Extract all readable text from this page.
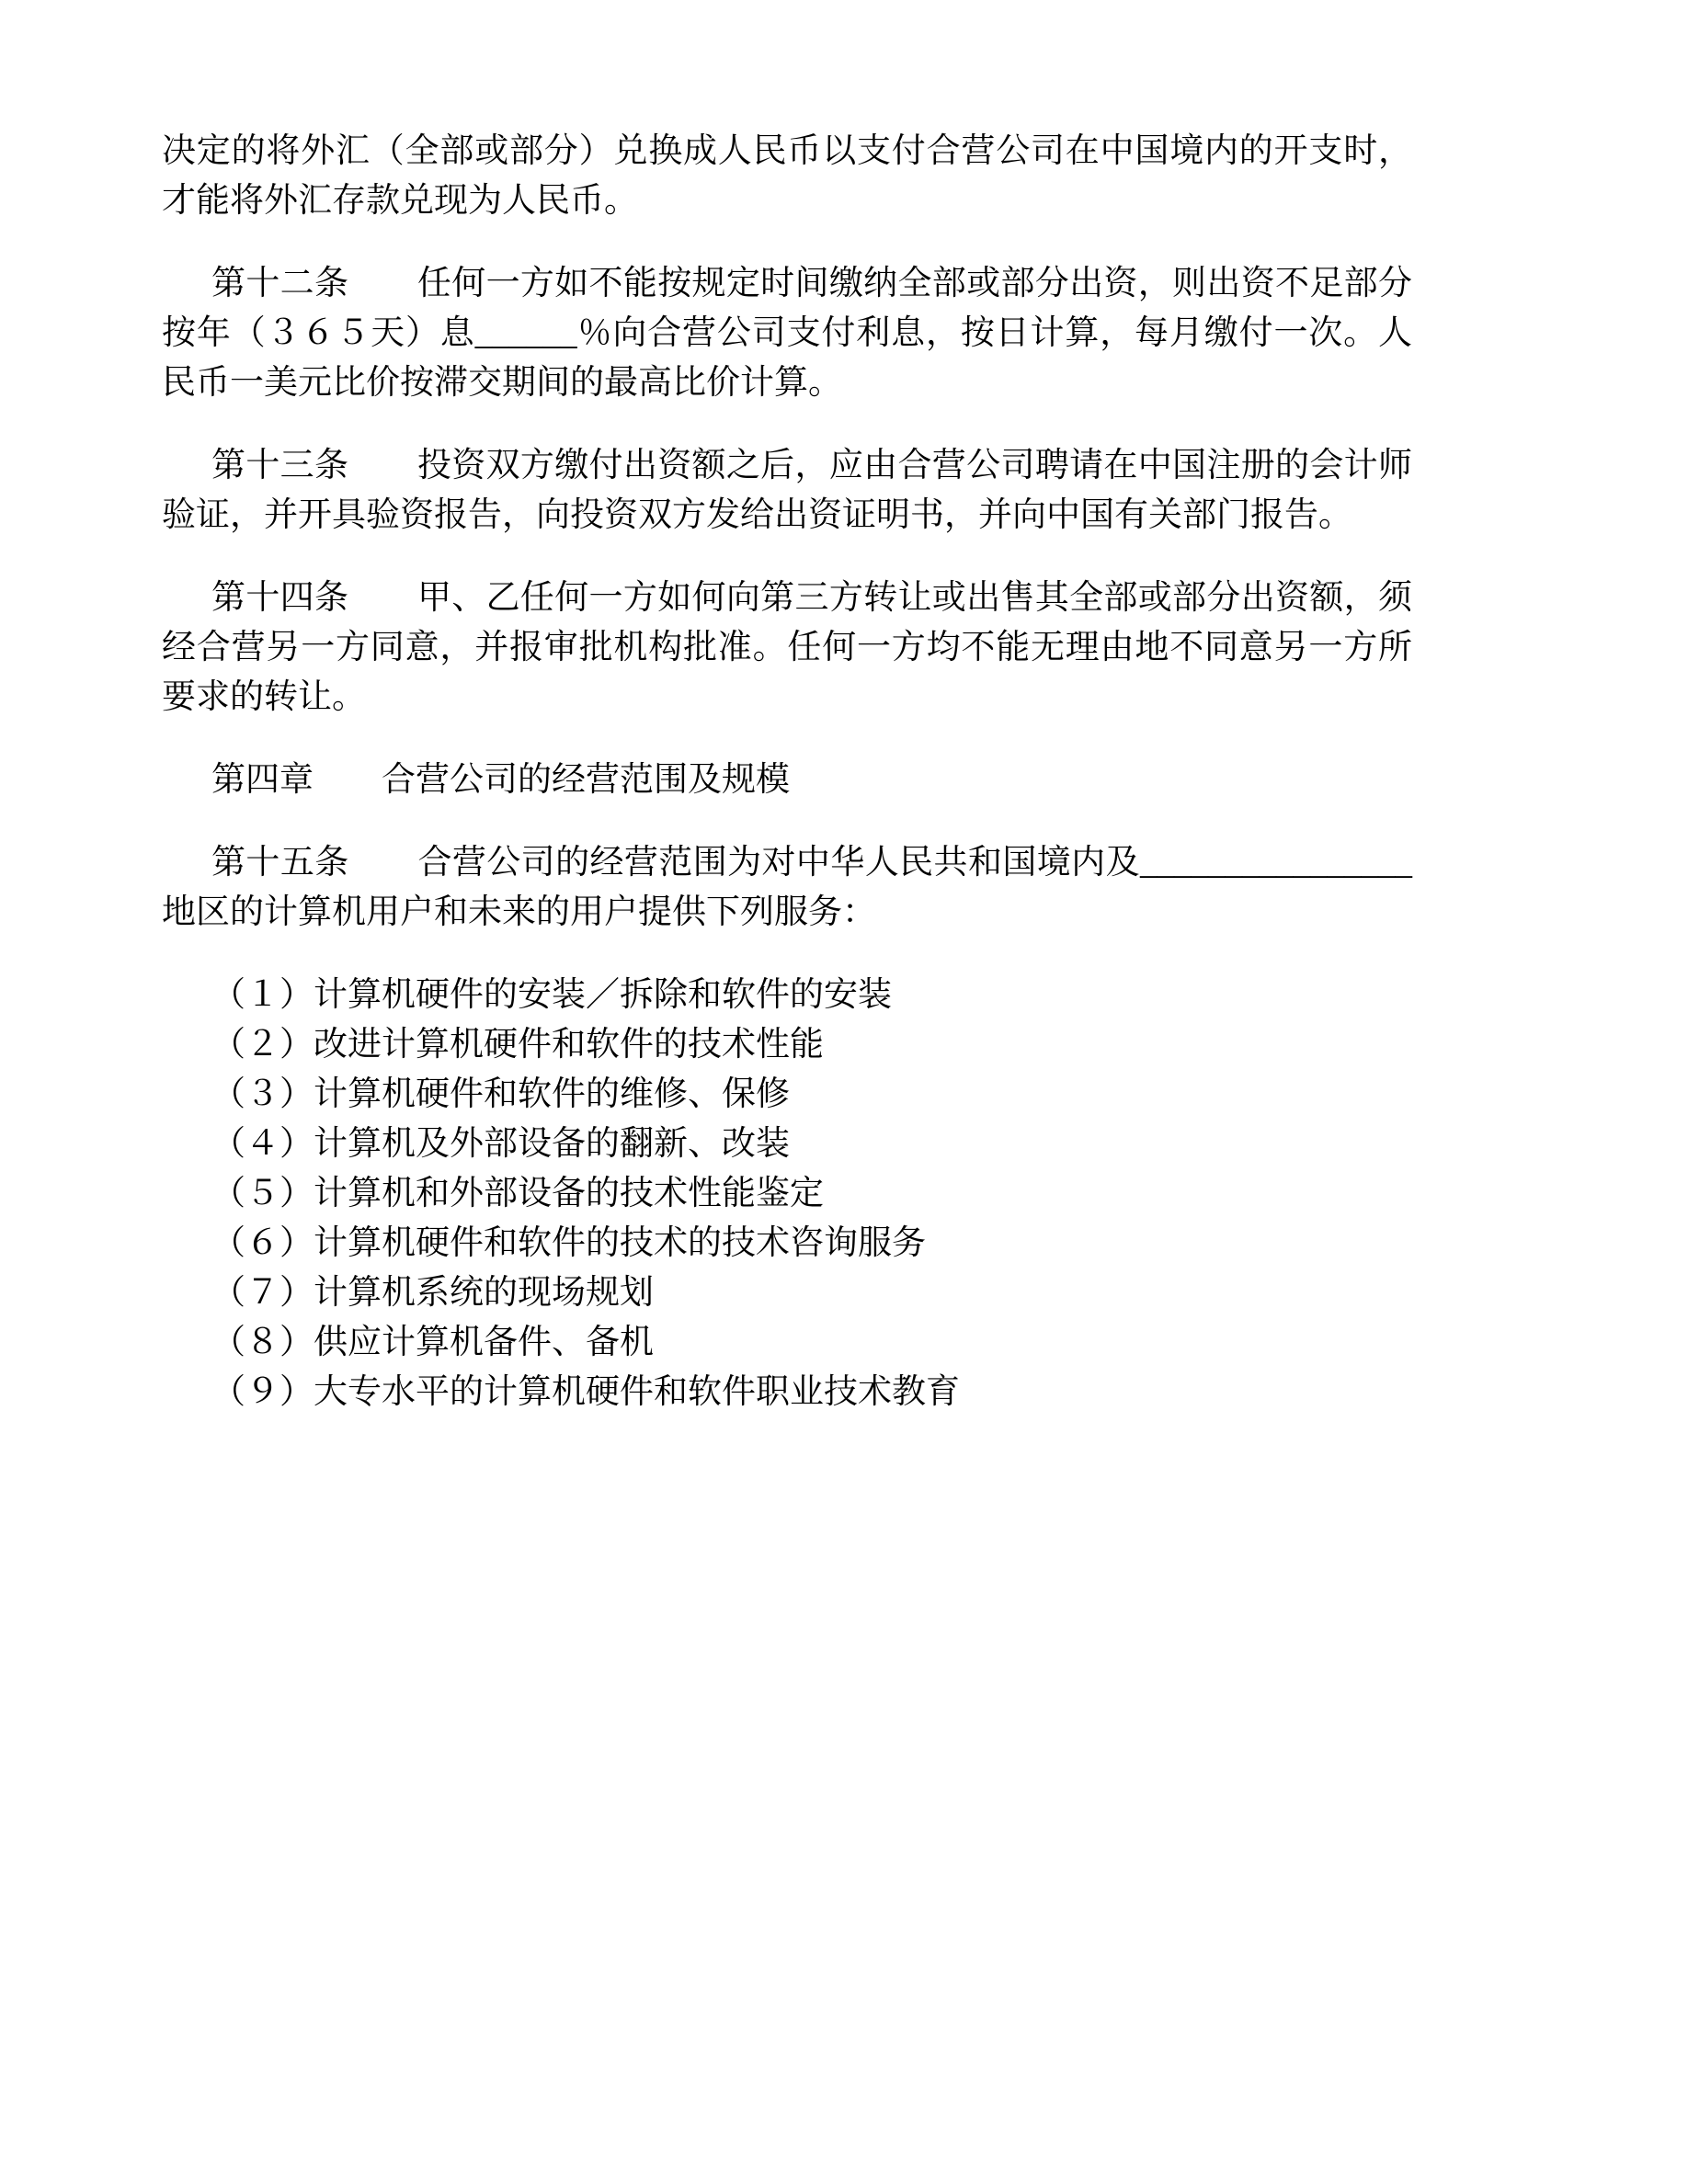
决定的将外汇（全部或部分）兑换成人民币以支付合营公司在中国境内的开支时，才能将外汇存款兑现为人民币。

第十二条　　任何一方如不能按规定时间缴纳全部或部分出资，则出资不足部分按年（３６５天）息______％向合营公司支付利息，按日计算，每月缴付一次。人民币一美元比价按滞交期间的最高比价计算。

第十三条　　投资双方缴付出资额之后，应由合营公司聘请在中国注册的会计师验证，并开具验资报告，向投资双方发给出资证明书，并向中国有关部门报告。

第十四条　　甲、乙任何一方如何向第三方转让或出售其全部或部分出资额，须经合营另一方同意，并报审批机构批准。任何一方均不能无理由地不同意另一方所要求的转让。

第四章　　合营公司的经营范围及规模

第十五条　　合营公司的经营范围为对中华人民共和国境内及________________地区的计算机用户和未来的用户提供下列服务：

（１）计算机硬件的安装／拆除和软件的安装

（２）改进计算机硬件和软件的技术性能

（３）计算机硬件和软件的维修、保修

（４）计算机及外部设备的翻新、改装

（５）计算机和外部设备的技术性能鉴定

（６）计算机硬件和软件的技术的技术咨询服务

（７）计算机系统的现场规划

（８）供应计算机备件、备机

（９）大专水平的计算机硬件和软件职业技术教育
